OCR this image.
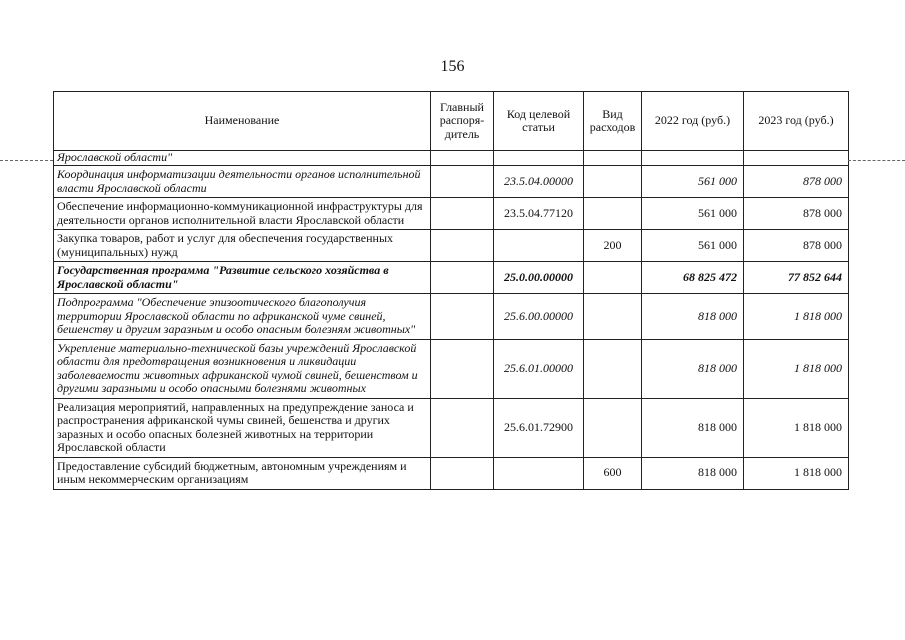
156
Наименование	Главный распоря-дитель	Код целевой статьи	Вид расходов	2022 год (руб.)	2023 год (руб.)
Ярославской области"					
Координация информатизации деятельности органов исполнительной власти Ярославской области		23.5.04.00000		561 000	878 000
Обеспечение информационно-коммуникационной инфраструктуры для деятельности органов исполнительной власти Ярославской области		23.5.04.77120		561 000	878 000
Закупка товаров, работ и услуг для обеспечения государственных (муниципальных) нужд			200	561 000	878 000
Государственная программа "Развитие сельского хозяйства в Ярославской области"		25.0.00.00000		68 825 472	77 852 644
Подпрограмма "Обеспечение эпизоотического благополучия территории Ярославской области по африканской чуме свиней, бешенству и другим заразным и особо опасным болезням животных"		25.6.00.00000		818 000	1 818 000
Укрепление материально-технической базы учреждений Ярославской области для предотвращения возникновения и ликвидации заболеваемости животных африканской чумой свиней, бешенством и другими заразными и особо опасными болезнями животных		25.6.01.00000		818 000	1 818 000
Реализация мероприятий, направленных на предупреждение заноса и распространения африканской чумы свиней, бешенства и других заразных и особо опасных болезней животных на территории Ярославской области		25.6.01.72900		818 000	1 818 000
Предоставление субсидий бюджетным, автономным учреждениям и иным некоммерческим организациям			600	818 000	1 818 000
